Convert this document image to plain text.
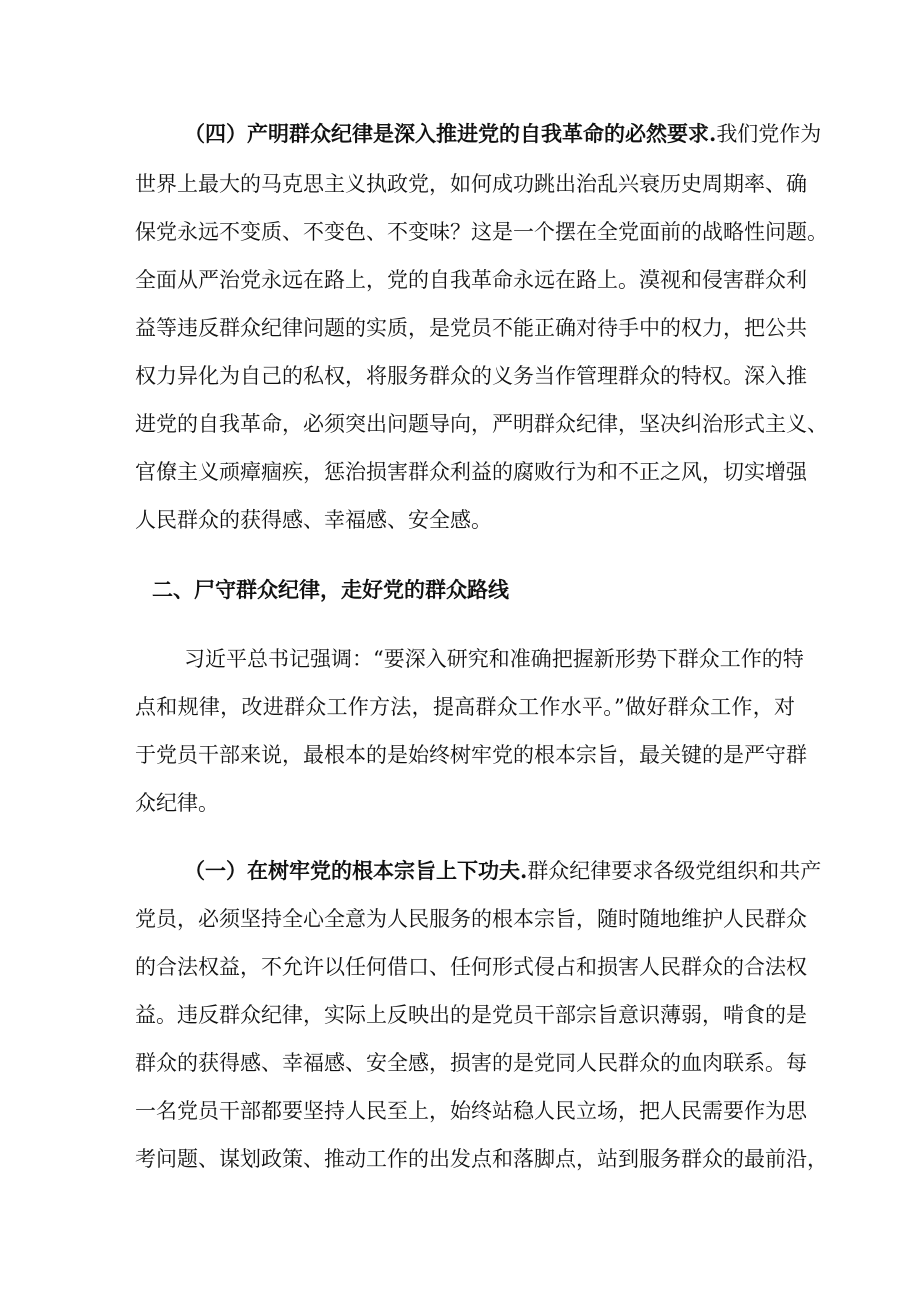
（四）产明群众纪律是深入推进党的自我革命的必然要求.我们党作为
世界上最大的马克思主义执政党，如何成功跳出治乱兴衰历史周期率、确
保党永远不变质、不变色、不变味？这是一个摆在全党面前的战略性问题。
全面从严治党永远在路上，党的自我革命永远在路上。漠视和侵害群众利
益等违反群众纪律问题的实质，是党员不能正确对待手中的权力，把公共
权力异化为自己的私权，将服务群众的义务当作管理群众的特权。深入推
进党的自我革命，必须突出问题导向，严明群众纪律，坚决纠治形式主义、
官僚主义顽瘴痼疾，惩治损害群众利益的腐败行为和不正之风，切实增强
人民群众的获得感、幸福感、安全感。
二、尸守群众纪律，走好党的群众路线
习近平总书记强调：“要深入研究和准确把握新形势下群众工作的特
点和规律，改进群众工作方法，提高群众工作水平。”做好群众工作，对
于党员干部来说，最根本的是始终树牢党的根本宗旨，最关键的是严守群
众纪律。
（一）在树牢党的根本宗旨上下功夫.群众纪律要求各级党组织和共产
党员，必须坚持全心全意为人民服务的根本宗旨，随时随地维护人民群众
的合法权益，不允许以任何借口、任何形式侵占和损害人民群众的合法权
益。违反群众纪律，实际上反映出的是党员干部宗旨意识薄弱，啃食的是
群众的获得感、幸福感、安全感，损害的是党同人民群众的血肉联系。每
一名党员干部都要坚持人民至上，始终站稳人民立场，把人民需要作为思
考问题、谋划政策、推动工作的出发点和落脚点，站到服务群众的最前沿，
